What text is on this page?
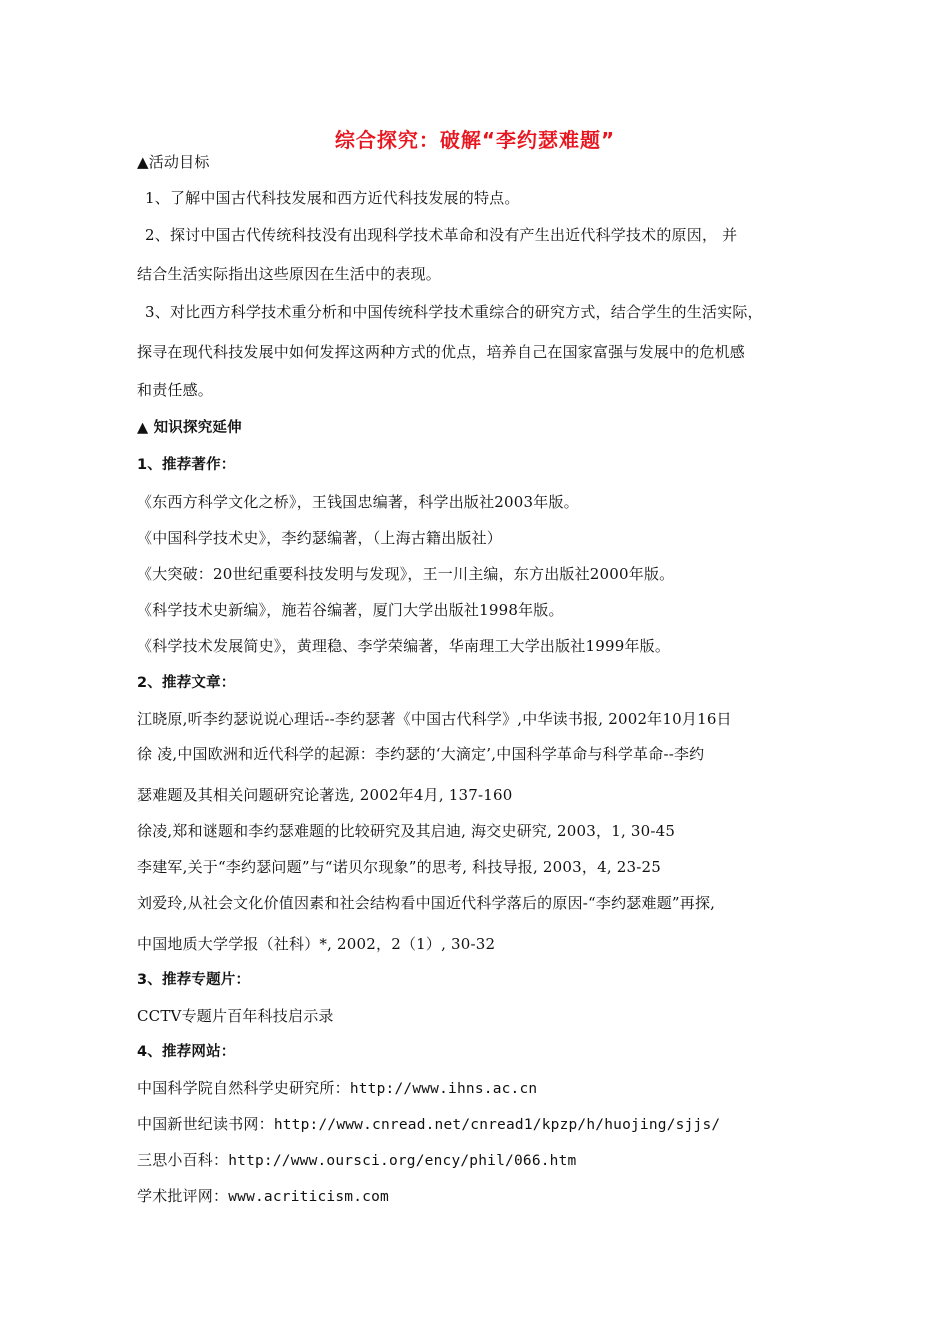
综合探究：破解“李约瑟难题”
▲活动目标
1、了解中国古代科技发展和西方近代科技发展的特点。
2、探讨中国古代传统科技没有出现科学技术革命和没有产生出近代科学技术的原因， 并
结合生活实际指出这些原因在生活中的表现。
3、对比西方科学技术重分析和中国传统科学技术重综合的研究方式，结合学生的生活实际，
探寻在现代科技发展中如何发挥这两种方式的优点，培养自己在国家富强与发展中的危机感
和责任感。
▲ 知识探究延伸
1、推荐著作：
《东西方科学文化之桥》，王钱国忠编著，科学出版社2003年版。
《中国科学技术史》，李约瑟编著，（上海古籍出版社）
《大突破：20世纪重要科技发明与发现》，王一川主编，东方出版社2000年版。
《科学技术史新编》，施若谷编著，厦门大学出版社1998年版。
《科学技术发展简史》，黄理稳、李学荣编著，华南理工大学出版社1999年版。
2、推荐文章：
江晓原,听李约瑟说说心理话--李约瑟著《中国古代科学》,中华读书报, 2002年10月16日
徐 凌,中国欧洲和近代科学的起源：李约瑟的‘大滴定’,中国科学革命与科学革命--李约
瑟难题及其相关问题研究论著选, 2002年4月, 137-160
徐凌,郑和谜题和李约瑟难题的比较研究及其启迪, 海交史研究, 2003，1, 30-45
李建军,关于“李约瑟问题”与“诺贝尔现象”的思考, 科技导报, 2003，4, 23-25
刘爱玲,从社会文化价值因素和社会结构看中国近代科学落后的原因-“李约瑟难题”再探,
中国地质大学学报（社科）*, 2002，2（1）, 30-32
3、推荐专题片：
CCTV专题片百年科技启示录
4、推荐网站：
中国科学院自然科学史研究所：http://www.ihns.ac.cn
中国新世纪读书网：http://www.cnread.net/cnread1/kpzp/h/huojing/sjjs/
三思小百科：http://www.oursci.org/ency/phil/066.htm
学术批评网：www.acriticism.com
